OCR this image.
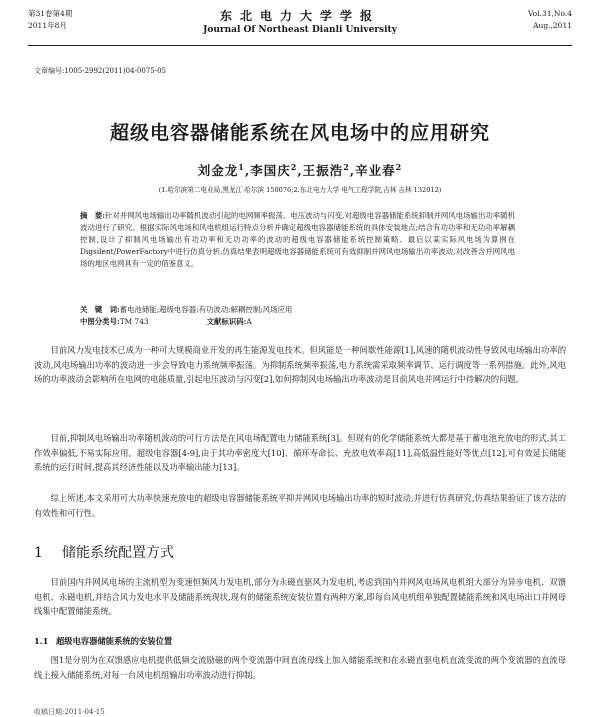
第31卷第4期
2011年8月
东北电力大学学报
Journal Of Northeast Dianli University
Vol.31,No.4
Aug.,2011
文章编号:1005-2992(2011)04-0075-05
超级电容器储能系统在风电场中的应用研究
刘金龙$^1$,李国庆$^2$,王振浩$^2$,辛业春$^2$
(1.哈尔滨第二电业局,黑龙江 哈尔滨 150076;2.东北电力大学 电气工程学院,吉林 吉林 132012)
摘　要:针对并网风电场输出功率随机波动引起的电网频率振荡、电压波动与闪变,对超级电容器储能系统抑制并网风电场输出功率随机波动进行了研究。根据实际风电场和风电机组运行特点分析并确定超级电容器储能系统的具体安装地点;结合有功功率和无功功率解耦控制,设计了抑制风电场输出有功功率和无功功率的波动的超级电容器储能系统控制策略。最后以某实际风电场为算例在Digsilent/PowerFactory中进行仿真分析,仿真结果表明超级电容器储能系统可有效抑制并网风电场输出功率波动,对改善含并网风电场的地区电网具有一定的借鉴意义。
关　键　词:蓄电池储能;超级电容器;有功波动;解耦控制;风场应用
中图分类号:TM 743	文献标识码:A

目前风力发电技术已成为一种可大规模商业开发的再生能源发电技术。但风能是一种间歇性能源[1],风速的随机波动性导致风电场输出功率的波动,风电场输出功率的波动进一步会导致电力系统频率振荡。为抑制系统频率振荡,电力系统需采取频率调节、运行调度等一系列措施。此外,风电场的功率波动会影响所在电网的电能质量,引起电压波动与闪变[2],如何抑制风电场输出功率波动是目前风电并网运行中待解决的问题。

目前,抑制风电场输出功率随机波动的可行方法是在风电场配置电力储能系统[3]。但现有的化学储能系统大都是基于蓄电池充放电的形式,其工作效率偏低,不易实际应用。超级电容器[4-9],由于其功率密度大[10]、循环寿命长、充放电效率高[11],高低温性能好等优点[12],可有效延长储能系统的运行时间,提高其经济性能以及功率输出能力[13]。

综上所述,本文采用可大功率快速充放电的超级电容器储能系统平抑并网风电场输出功率的短时波动,并进行仿真研究,仿真结果验证了该方法的有效性和可行性。

1 储能系统配置方式

目前国内并网风电场的主流机型为变速恒频风力发电机,部分为永磁直驱风力发电机,考虑到国内并网风电场风电机组大部分为异步电机、双馈电机、永磁电机,并结合风力发电水平及储能系统现状,现有的储能系统安装位置有两种方案,即每台风电机组单独配置储能系统和风电场出口并网母线集中配置储能系统。

1.1 超级电容器储能系统的安装位置

图1是分别为在双馈感应电机提供低频交流励磁的两个变流器中间直流母线上加入储能系统和在永磁直驱电机直流变流的两个变流器的直流母线上接入储能系统,对每一台风电机组输出功率波动进行抑制。

收稿日期:2011-04-15
